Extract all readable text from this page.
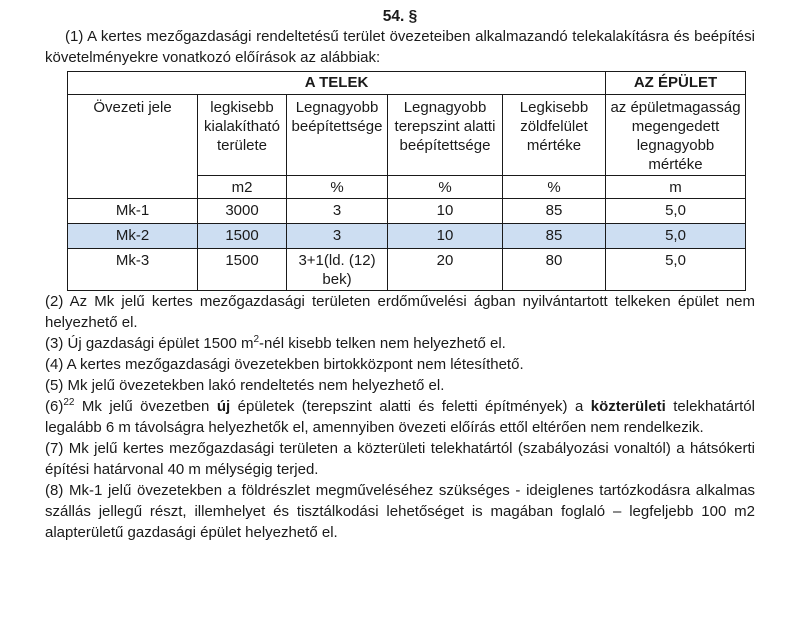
54. §

(1) A kertes mezőgazdasági rendeltetésű terület övezeteiben alkalmazandó telekalakításra és beépítési követelményekre vonatkozó előírások az alábbiak:

A TELEK					AZ ÉPÜLET
Övezeti jele	legkisebb kialakítható területe	Legnagyobb beépítettsége	Legnagyobb terepszint alatti beépítettsége	Legkisebb zöldfelület mértéke	az épületmagasság megengedett legnagyobb mértéke
	m2	%	%	%	m
Mk-1	3000	3	10	85	5,0
Mk-2	1500	3	10	85	5,0
Mk-3	1500	3+1(ld. (12) bek)	20	80	5,0

(2) Az Mk jelű kertes mezőgazdasági területen erdőművelési ágban nyilvántartott telkeken épület nem helyezhető el.

(3) Új gazdasági épület 1500 $m^2$-nél kisebb telken nem helyezhető el.

(4) A kertes mezőgazdasági övezetekben birtokközpont nem létesíthető.

(5) Mk jelű övezetekben lakó rendeltetés nem helyezhető el.

$(6)^{22}$ Mk jelű övezetben új épületek (terepszint alatti és feletti építmények) a közterületi telekhatártól legalább 6 m távolságra helyezhetők el, amennyiben övezeti előírás ettől eltérően nem rendelkezik.

(7) Mk jelű kertes mezőgazdasági területen a közterületi telekhatártól (szabályozási vonaltól) a hátsókerti építési határvonal 40 m mélységig terjed.

(8) Mk-1 jelű övezetekben a földrészlet megműveléséhez szükséges - ideiglenes tartózkodásra alkalmas szállás jellegű részt, illemhelyet és tisztálkodási lehetőséget is magában foglaló – legfeljebb 100 m2 alapterületű gazdasági épület helyezhető el.
